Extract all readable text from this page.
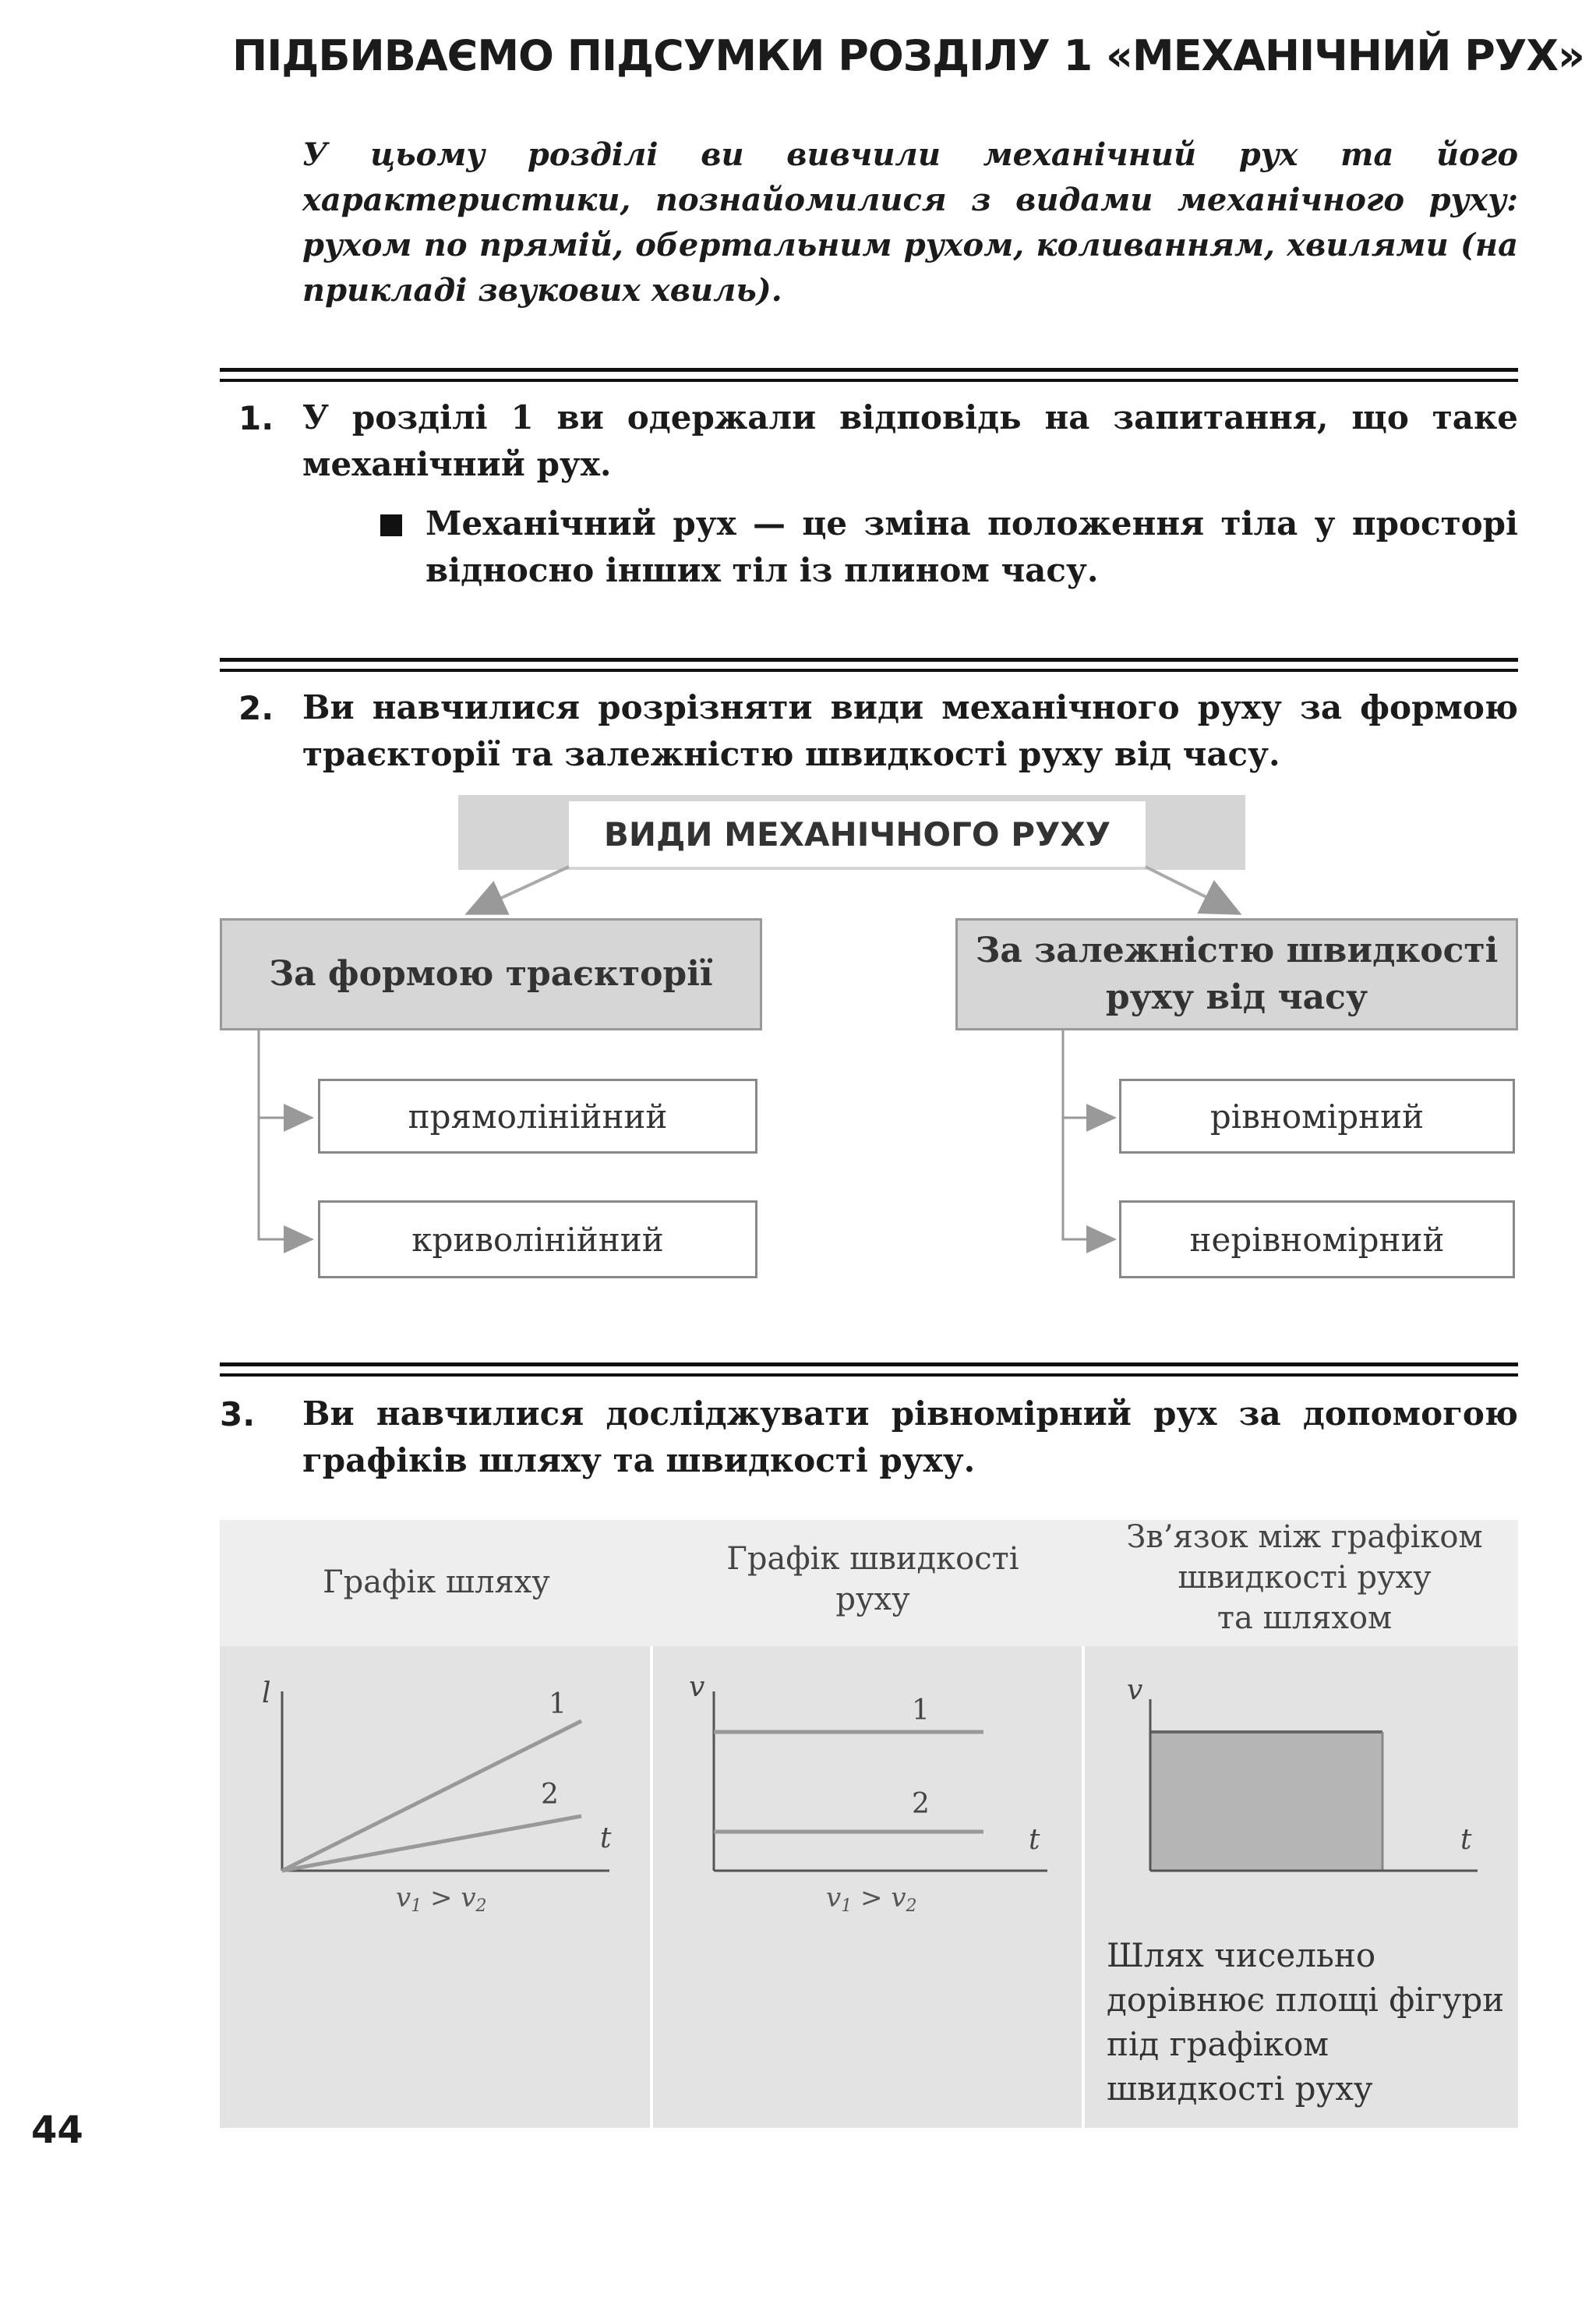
ПІДБИВАЄМО ПІДСУМКИ РОЗДІЛУ 1 «МЕХАНІЧНИЙ РУХ»
У цьому розділі ви вивчили механічний рух та його характеристики, познайомилися з видами механічного руху: рухом по прямій, обертальним рухом, коливанням, хвилями (на прикладі звукових хвиль).
1. У розділі 1 ви одержали відповідь на запитання, що таке механічний рух.
Механічний рух — це зміна положення тіла у просторі відносно інших тіл із плином часу.
2. Ви навчилися розрізняти види механічного руху за формою траєкторії та залежністю швидкості руху від часу.
ВИДИ МЕХАНІЧНОГО РУХУ
За формою траєкторії
За залежністю швидкості
руху від часу
прямолінійний
криволінійний
рівномірний
нерівномірний
3. Ви навчилися досліджувати рівномірний рух за допомогою графіків шляху та швидкості руху.
Графік шляху
Графік швидкості
руху
Зв’язок між графіком
швидкості руху
та шляхом
l
t
1
2
v1 > v2
v
t
1
2
v1 > v2
v
t
Шлях чисельно дорівнює площі фігури під графіком швидкості руху
44
